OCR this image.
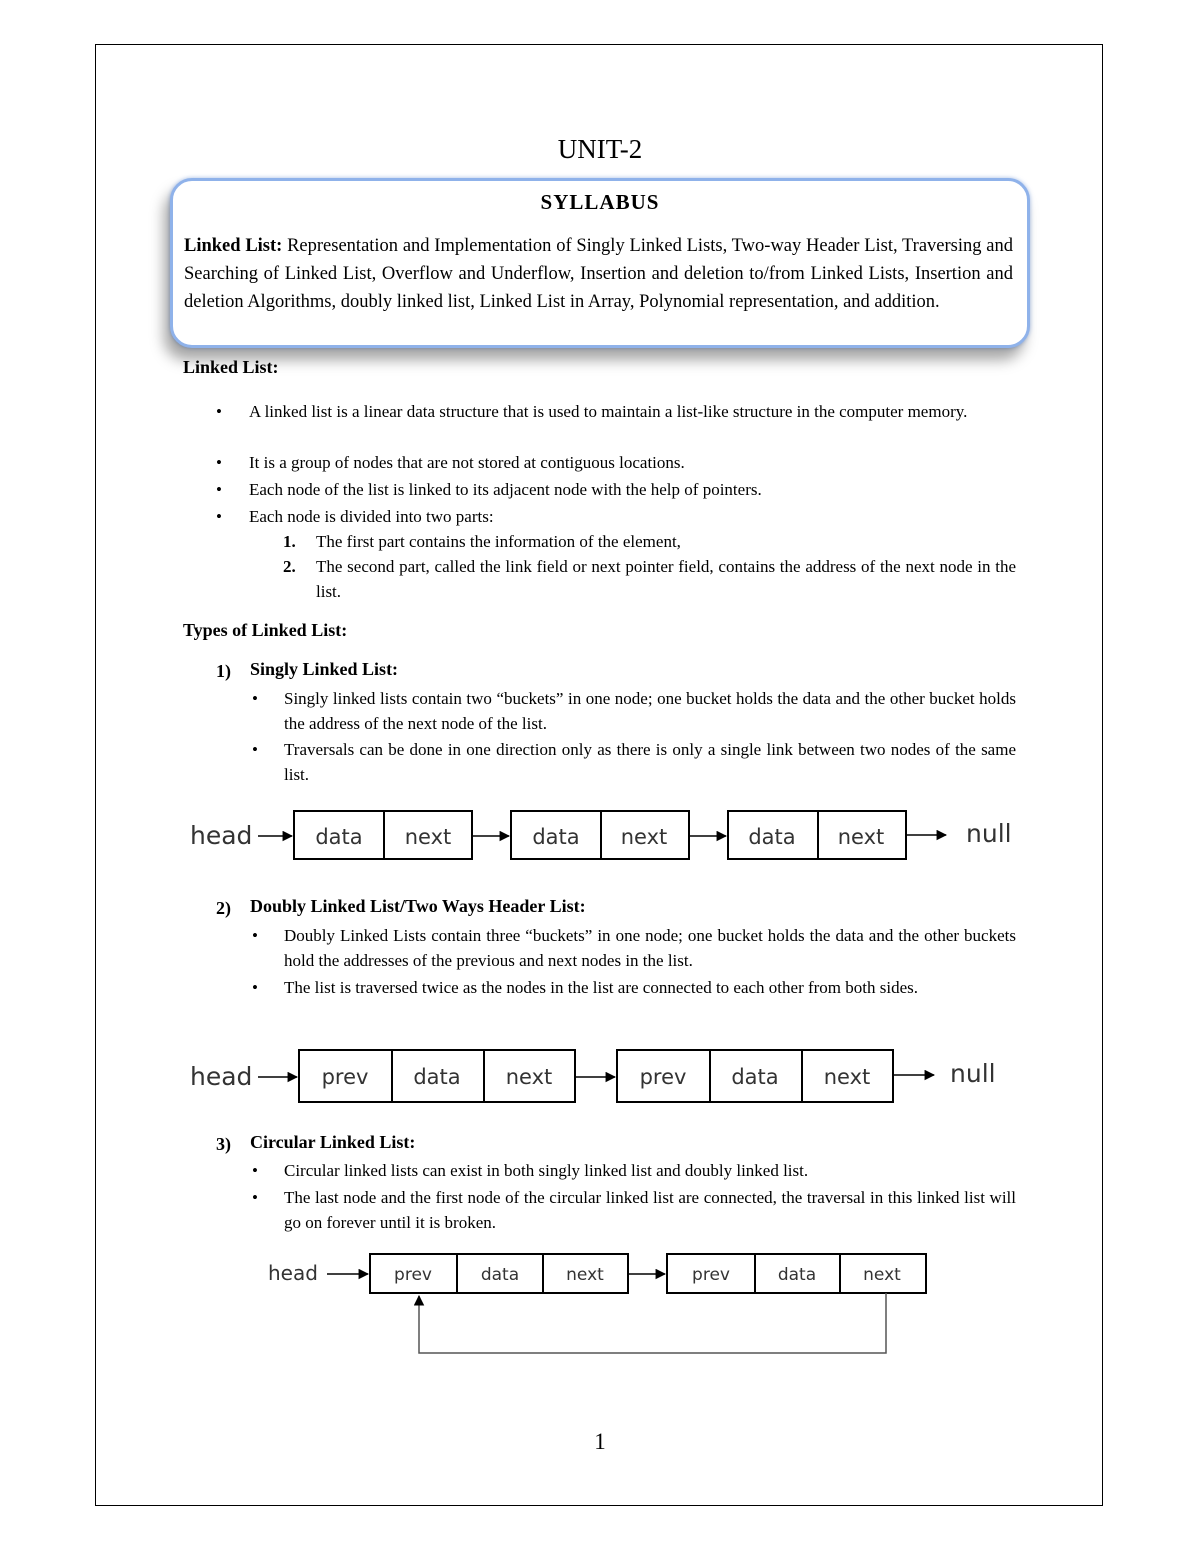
UNIT-2
SYLLABUS
Linked List: Representation and Implementation of Singly Linked Lists, Two-way Header List, Traversing and Searching of Linked List, Overflow and Underflow, Insertion and deletion to/from Linked Lists, Insertion and deletion Algorithms, doubly linked list, Linked List in Array, Polynomial representation, and addition.
Linked List:
• A linked list is a linear data structure that is used to maintain a list-like structure in the computer memory.
• It is a group of nodes that are not stored at contiguous locations.
• Each node of the list is linked to its adjacent node with the help of pointers.
• Each node is divided into two parts:
1. The first part contains the information of the element,
2. The second part, called the link field or next pointer field, contains the address of the next node in the list.
Types of Linked List:
1) Singly Linked List:
• Singly linked lists contain two “buckets” in one node; one bucket holds the data and the other bucket holds the address of the next node of the list.
• Traversals can be done in one direction only as there is only a single link between two nodes of the same list.
head	data next	data next	data next	null
2) Doubly Linked List/Two Ways Header List:
• Doubly Linked Lists contain three “buckets” in one node; one bucket holds the data and the other buckets hold the addresses of the previous and next nodes in the list.
• The list is traversed twice as the nodes in the list are connected to each other from both sides.
head	prev data next	prev data next	null
3) Circular Linked List:
• Circular linked lists can exist in both singly linked list and doubly linked list.
• The last node and the first node of the circular linked list are connected, the traversal in this linked list will go on forever until it is broken.
head	prev	data	next	prev	data	next
1
